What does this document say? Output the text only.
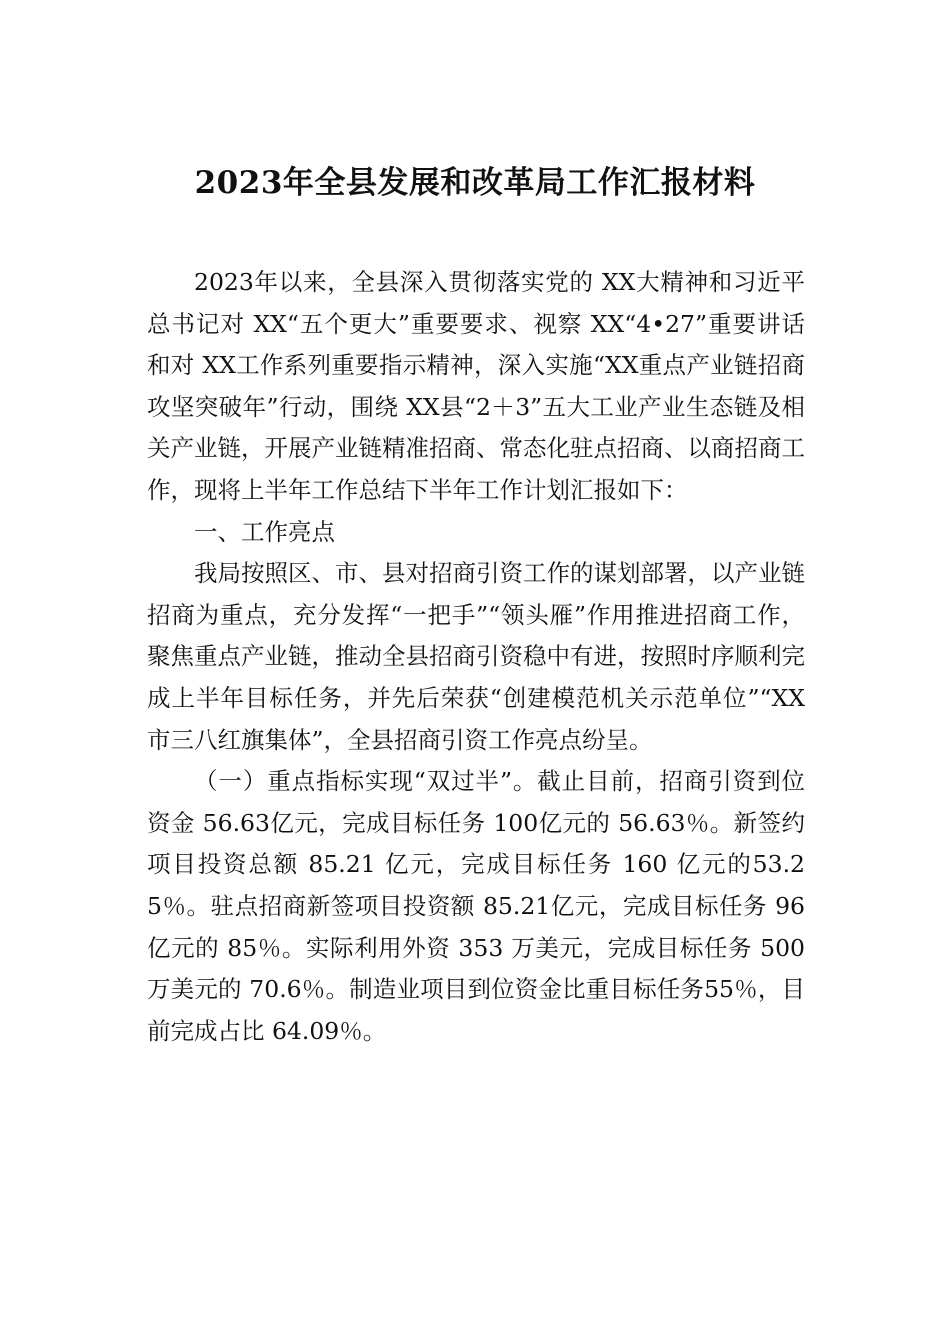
2023年全县发展和改革局工作汇报材料

2023年以来，全县深入贯彻落实党的 XX大精神和习近平总书记对 XX“五个更大”重要要求、视察 XX“4•27”重要讲话和对 XX工作系列重要指示精神，深入实施“XX重点产业链招商攻坚突破年”行动，围绕 XX县“2＋3”五大工业产业生态链及相关产业链，开展产业链精准招商、常态化驻点招商、以商招商工作，现将上半年工作总结下半年工作计划汇报如下：

一、工作亮点

我局按照区、市、县对招商引资工作的谋划部署，以产业链招商为重点，充分发挥“一把手”“领头雁”作用推进招商工作，聚焦重点产业链，推动全县招商引资稳中有进，按照时序顺利完成上半年目标任务，并先后荣获“创建模范机关示范单位”“XX 市三八红旗集体”，全县招商引资工作亮点纷呈。

（一）重点指标实现“双过半”。截止目前，招商引资到位资金 56.63亿元，完成目标任务 100亿元的 56.63％。新签约项目投资总额 85.21 亿元，完成目标任务 160 亿元的53.25％。驻点招商新签项目投资额 85.21亿元，完成目标任务 96亿元的 85％。实际利用外资 353 万美元，完成目标任务 500万美元的 70.6％。制造业项目到位资金比重目标任务55％，目前完成占比 64.09％。
